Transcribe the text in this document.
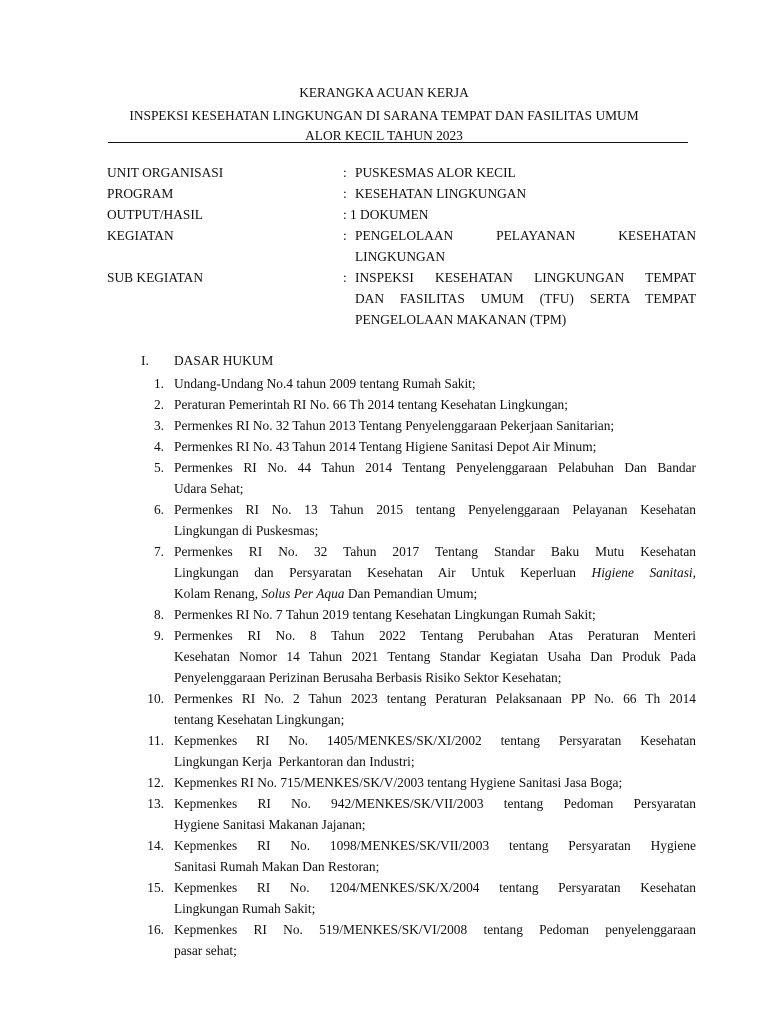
KERANGKA ACUAN KERJA
INSPEKSI KESEHATAN LINGKUNGAN DI SARANA TEMPAT DAN FASILITAS UMUM
ALOR KECIL TAHUN 2023
UNIT ORGANISASI	: PUSKESMAS ALOR KECIL
PROGRAM	: KESEHATAN LINGKUNGAN
OUTPUT/HASIL	: 1 DOKUMEN
KEGIATAN	: PENGELOLAAN PELAYANAN KESEHATAN
LINGKUNGAN
SUB KEGIATAN	: INSPEKSI KESEHATAN LINGKUNGAN TEMPAT
DAN FASILITAS UMUM (TFU) SERTA TEMPAT
PENGELOLAAN MAKANAN (TPM)
I. DASAR HUKUM
1. Undang-Undang No.4 tahun 2009 tentang Rumah Sakit;
2. Peraturan Pemerintah RI No. 66 Th 2014 tentang Kesehatan Lingkungan;
3. Permenkes RI No. 32 Tahun 2013 Tentang Penyelenggaraan Pekerjaan Sanitarian;
4. Permenkes RI No. 43 Tahun 2014 Tentang Higiene Sanitasi Depot Air Minum;
5. Permenkes RI No. 44 Tahun 2014 Tentang Penyelenggaraan Pelabuhan Dan Bandar
Udara Sehat;
6. Permenkes RI No. 13 Tahun 2015 tentang Penyelenggaraan Pelayanan Kesehatan
Lingkungan di Puskesmas;
7. Permenkes RI No. 32 Tahun 2017 Tentang Standar Baku Mutu Kesehatan
Lingkungan dan Persyaratan Kesehatan Air Untuk Keperluan Higiene Sanitasi,
Kolam Renang, Solus Per Aqua Dan Pemandian Umum;
8. Permenkes RI No. 7 Tahun 2019 tentang Kesehatan Lingkungan Rumah Sakit;
9. Permenkes RI No. 8 Tahun 2022 Tentang Perubahan Atas Peraturan Menteri
Kesehatan Nomor 14 Tahun 2021 Tentang Standar Kegiatan Usaha Dan Produk Pada
Penyelenggaraan Perizinan Berusaha Berbasis Risiko Sektor Kesehatan;
10. Permenkes RI No. 2 Tahun 2023 tentang Peraturan Pelaksanaan PP No. 66 Th 2014
tentang Kesehatan Lingkungan;
11. Kepmenkes RI No. 1405/MENKES/SK/XI/2002 tentang Persyaratan Kesehatan
Lingkungan Kerja  Perkantoran dan Industri;
12. Kepmenkes RI No. 715/MENKES/SK/V/2003 tentang Hygiene Sanitasi Jasa Boga;
13. Kepmenkes RI No. 942/MENKES/SK/VII/2003 tentang Pedoman Persyaratan
Hygiene Sanitasi Makanan Jajanan;
14. Kepmenkes RI No. 1098/MENKES/SK/VII/2003 tentang Persyaratan Hygiene
Sanitasi Rumah Makan Dan Restoran;
15. Kepmenkes RI No. 1204/MENKES/SK/X/2004 tentang Persyaratan Kesehatan
Lingkungan Rumah Sakit;
16. Kepmenkes RI No. 519/MENKES/SK/VI/2008 tentang Pedoman penyelenggaraan
pasar sehat;
